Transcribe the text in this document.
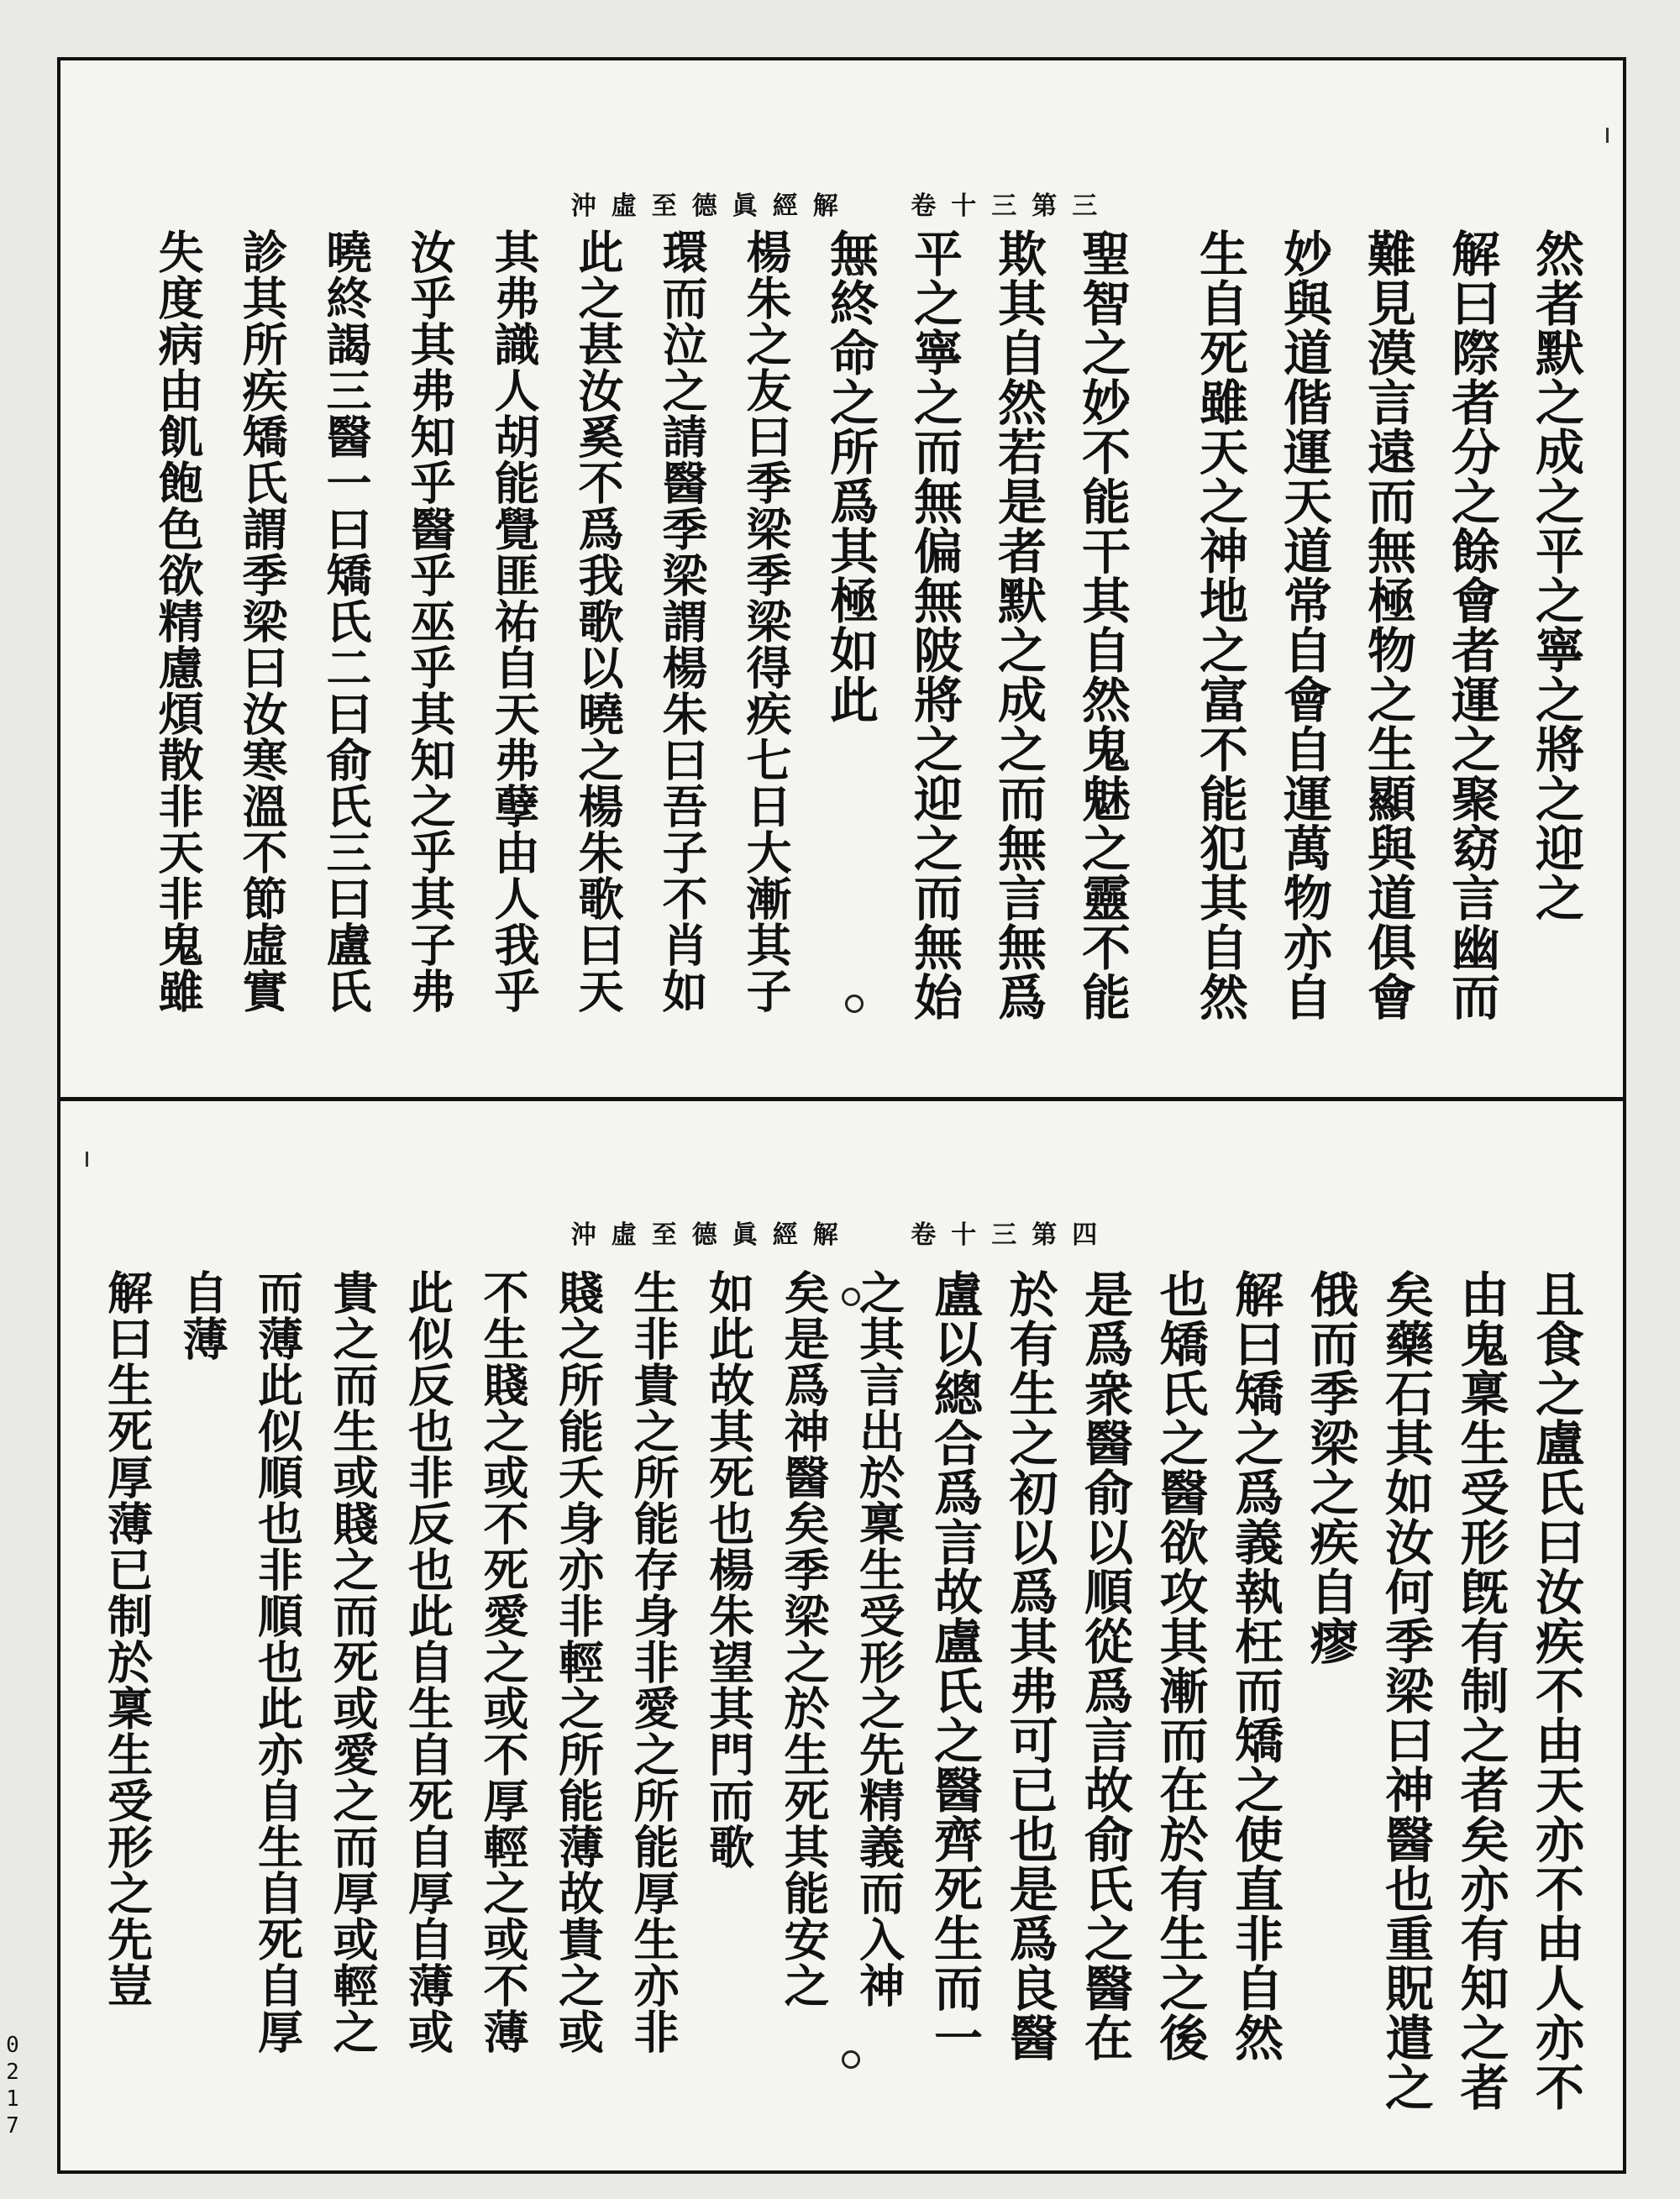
沖虛至德眞經解 卷十三第三
然者默之成之平之寧之將之迎之
解曰際者分之餘會者運之聚窈言幽而
難見漠言遠而無極物之生顯與道俱會
妙與道偕運天道常自會自運萬物亦自
生自死雖天之神地之富不能犯其自然
聖智之妙不能干其自然鬼魅之靈不能
欺其自然若是者默之成之而無言無爲
平之寧之而無偏無陂將之迎之而無始
無終命之所爲其極如此
楊朱之友曰季梁季梁得疾七日大漸其子
環而泣之請醫季梁謂楊朱曰吾子不肖如
此之甚汝奚不爲我歌以曉之楊朱歌曰天
其弗識人胡能覺匪祐自天弗孽由人我乎
汝乎其弗知乎醫乎巫乎其知之乎其子弗
曉終謁三醫一曰矯氏二曰俞氏三曰盧氏
診其所疾矯氏謂季梁曰汝寒溫不節虛實
失度病由飢飽色欲精慮煩散非天非鬼雖
沖虛至德眞經解 卷十三第四
且食之盧氏曰汝疾不由天亦不由人亦不
由鬼稟生受形旣有制之者矣亦有知之者
矣藥石其如汝何季梁曰神醫也重貺遣之
俄而季梁之疾自瘳
解曰矯之爲義執枉而矯之使直非自然
也矯氏之醫欲攻其漸而在於有生之後
是爲衆醫俞以順從爲言故俞氏之醫在
於有生之初以爲其弗可已也是爲良醫
盧以總合爲言故盧氏之醫齊死生而一
之其言出於稟生受形之先精義而入神
矣是爲神醫矣季梁之於生死其能安之
如此故其死也楊朱望其門而歌
生非貴之所能存身非愛之所能厚生亦非
賤之所能夭身亦非輕之所能薄故貴之或
不生賤之或不死愛之或不厚輕之或不薄
此似反也非反也此自生自死自厚自薄或
貴之而生或賤之而死或愛之而厚或輕之
而薄此似順也非順也此亦自生自死自厚
自薄
解曰生死厚薄已制於稟生受形之先豈
0217
